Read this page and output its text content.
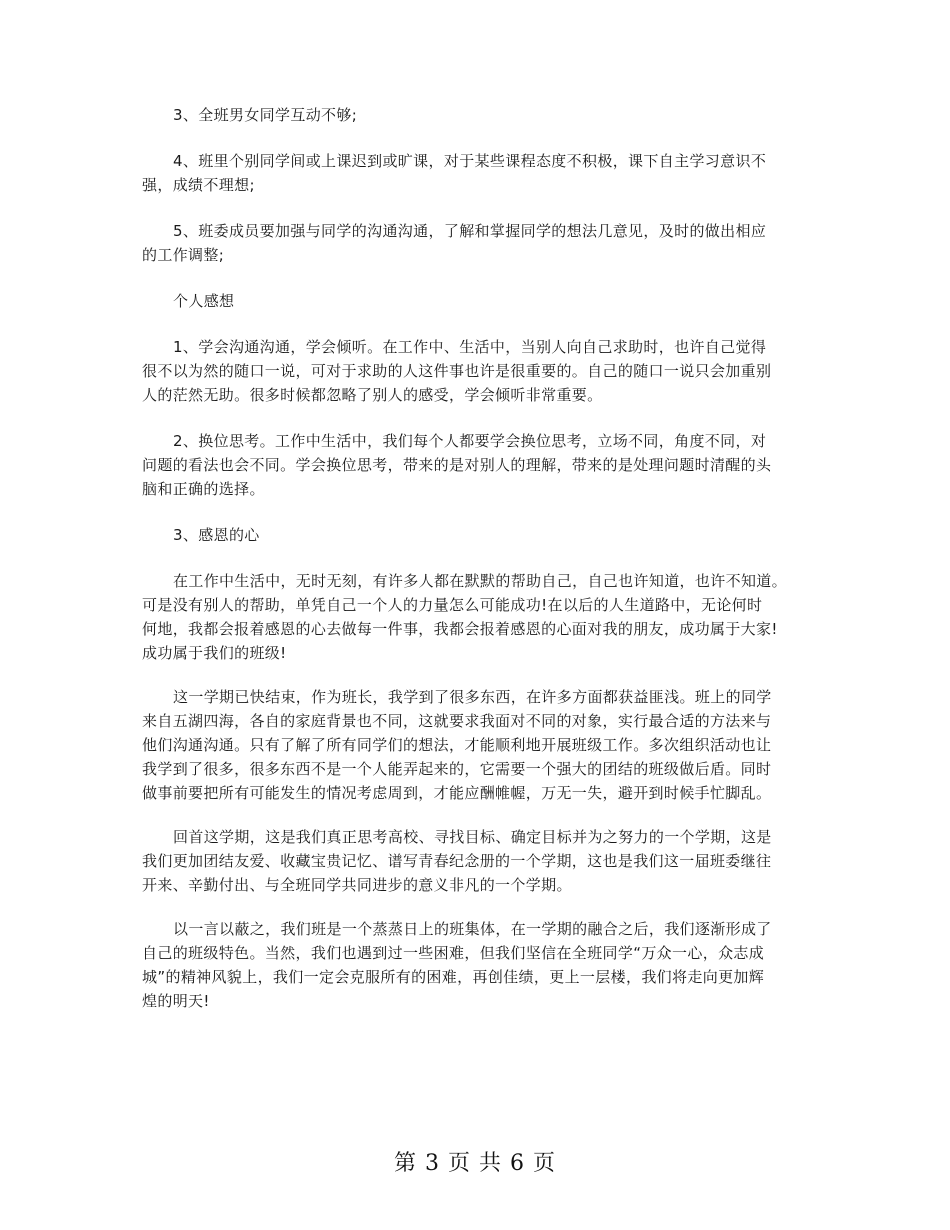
3、全班男女同学互动不够;

4、班里个别同学间或上课迟到或旷课，对于某些课程态度不积极，课下自主学习意识不
强，成绩不理想;

5、班委成员要加强与同学的沟通沟通，了解和掌握同学的想法几意见，及时的做出相应
的工作调整;

个人感想

1、学会沟通沟通，学会倾听。在工作中、生活中，当别人向自己求助时，也许自己觉得
很不以为然的随口一说，可对于求助的人这件事也许是很重要的。自己的随口一说只会加重别
人的茫然无助。很多时候都忽略了别人的感受，学会倾听非常重要。

2、换位思考。工作中生活中，我们每个人都要学会换位思考，立场不同，角度不同，对
问题的看法也会不同。学会换位思考，带来的是对别人的理解，带来的是处理问题时清醒的头
脑和正确的选择。

3、感恩的心

在工作中生活中，无时无刻，有许多人都在默默的帮助自己，自己也许知道，也许不知道。
可是没有别人的帮助，单凭自己一个人的力量怎么可能成功!在以后的人生道路中，无论何时
何地，我都会报着感恩的心去做每一件事，我都会报着感恩的心面对我的朋友，成功属于大家!
成功属于我们的班级!

这一学期已快结束，作为班长，我学到了很多东西，在许多方面都获益匪浅。班上的同学
来自五湖四海，各自的家庭背景也不同，这就要求我面对不同的对象，实行最合适的方法来与
他们沟通沟通。只有了解了所有同学们的想法，才能顺利地开展班级工作。多次组织活动也让
我学到了很多，很多东西不是一个人能弄起来的，它需要一个强大的团结的班级做后盾。同时
做事前要把所有可能发生的情况考虑周到，才能应酬帷幄，万无一失，避开到时候手忙脚乱。

回首这学期，这是我们真正思考高校、寻找目标、确定目标并为之努力的一个学期，这是
我们更加团结友爱、收藏宝贵记忆、谱写青春纪念册的一个学期，这也是我们这一届班委继往
开来、辛勤付出、与全班同学共同进步的意义非凡的一个学期。

以一言以蔽之，我们班是一个蒸蒸日上的班集体，在一学期的融合之后，我们逐渐形成了
自己的班级特色。当然，我们也遇到过一些困难，但我们坚信在全班同学“万众一心，众志成
城”的精神风貌上，我们一定会克服所有的困难，再创佳绩，更上一层楼，我们将走向更加辉
煌的明天!

第 3 页 共 6 页
